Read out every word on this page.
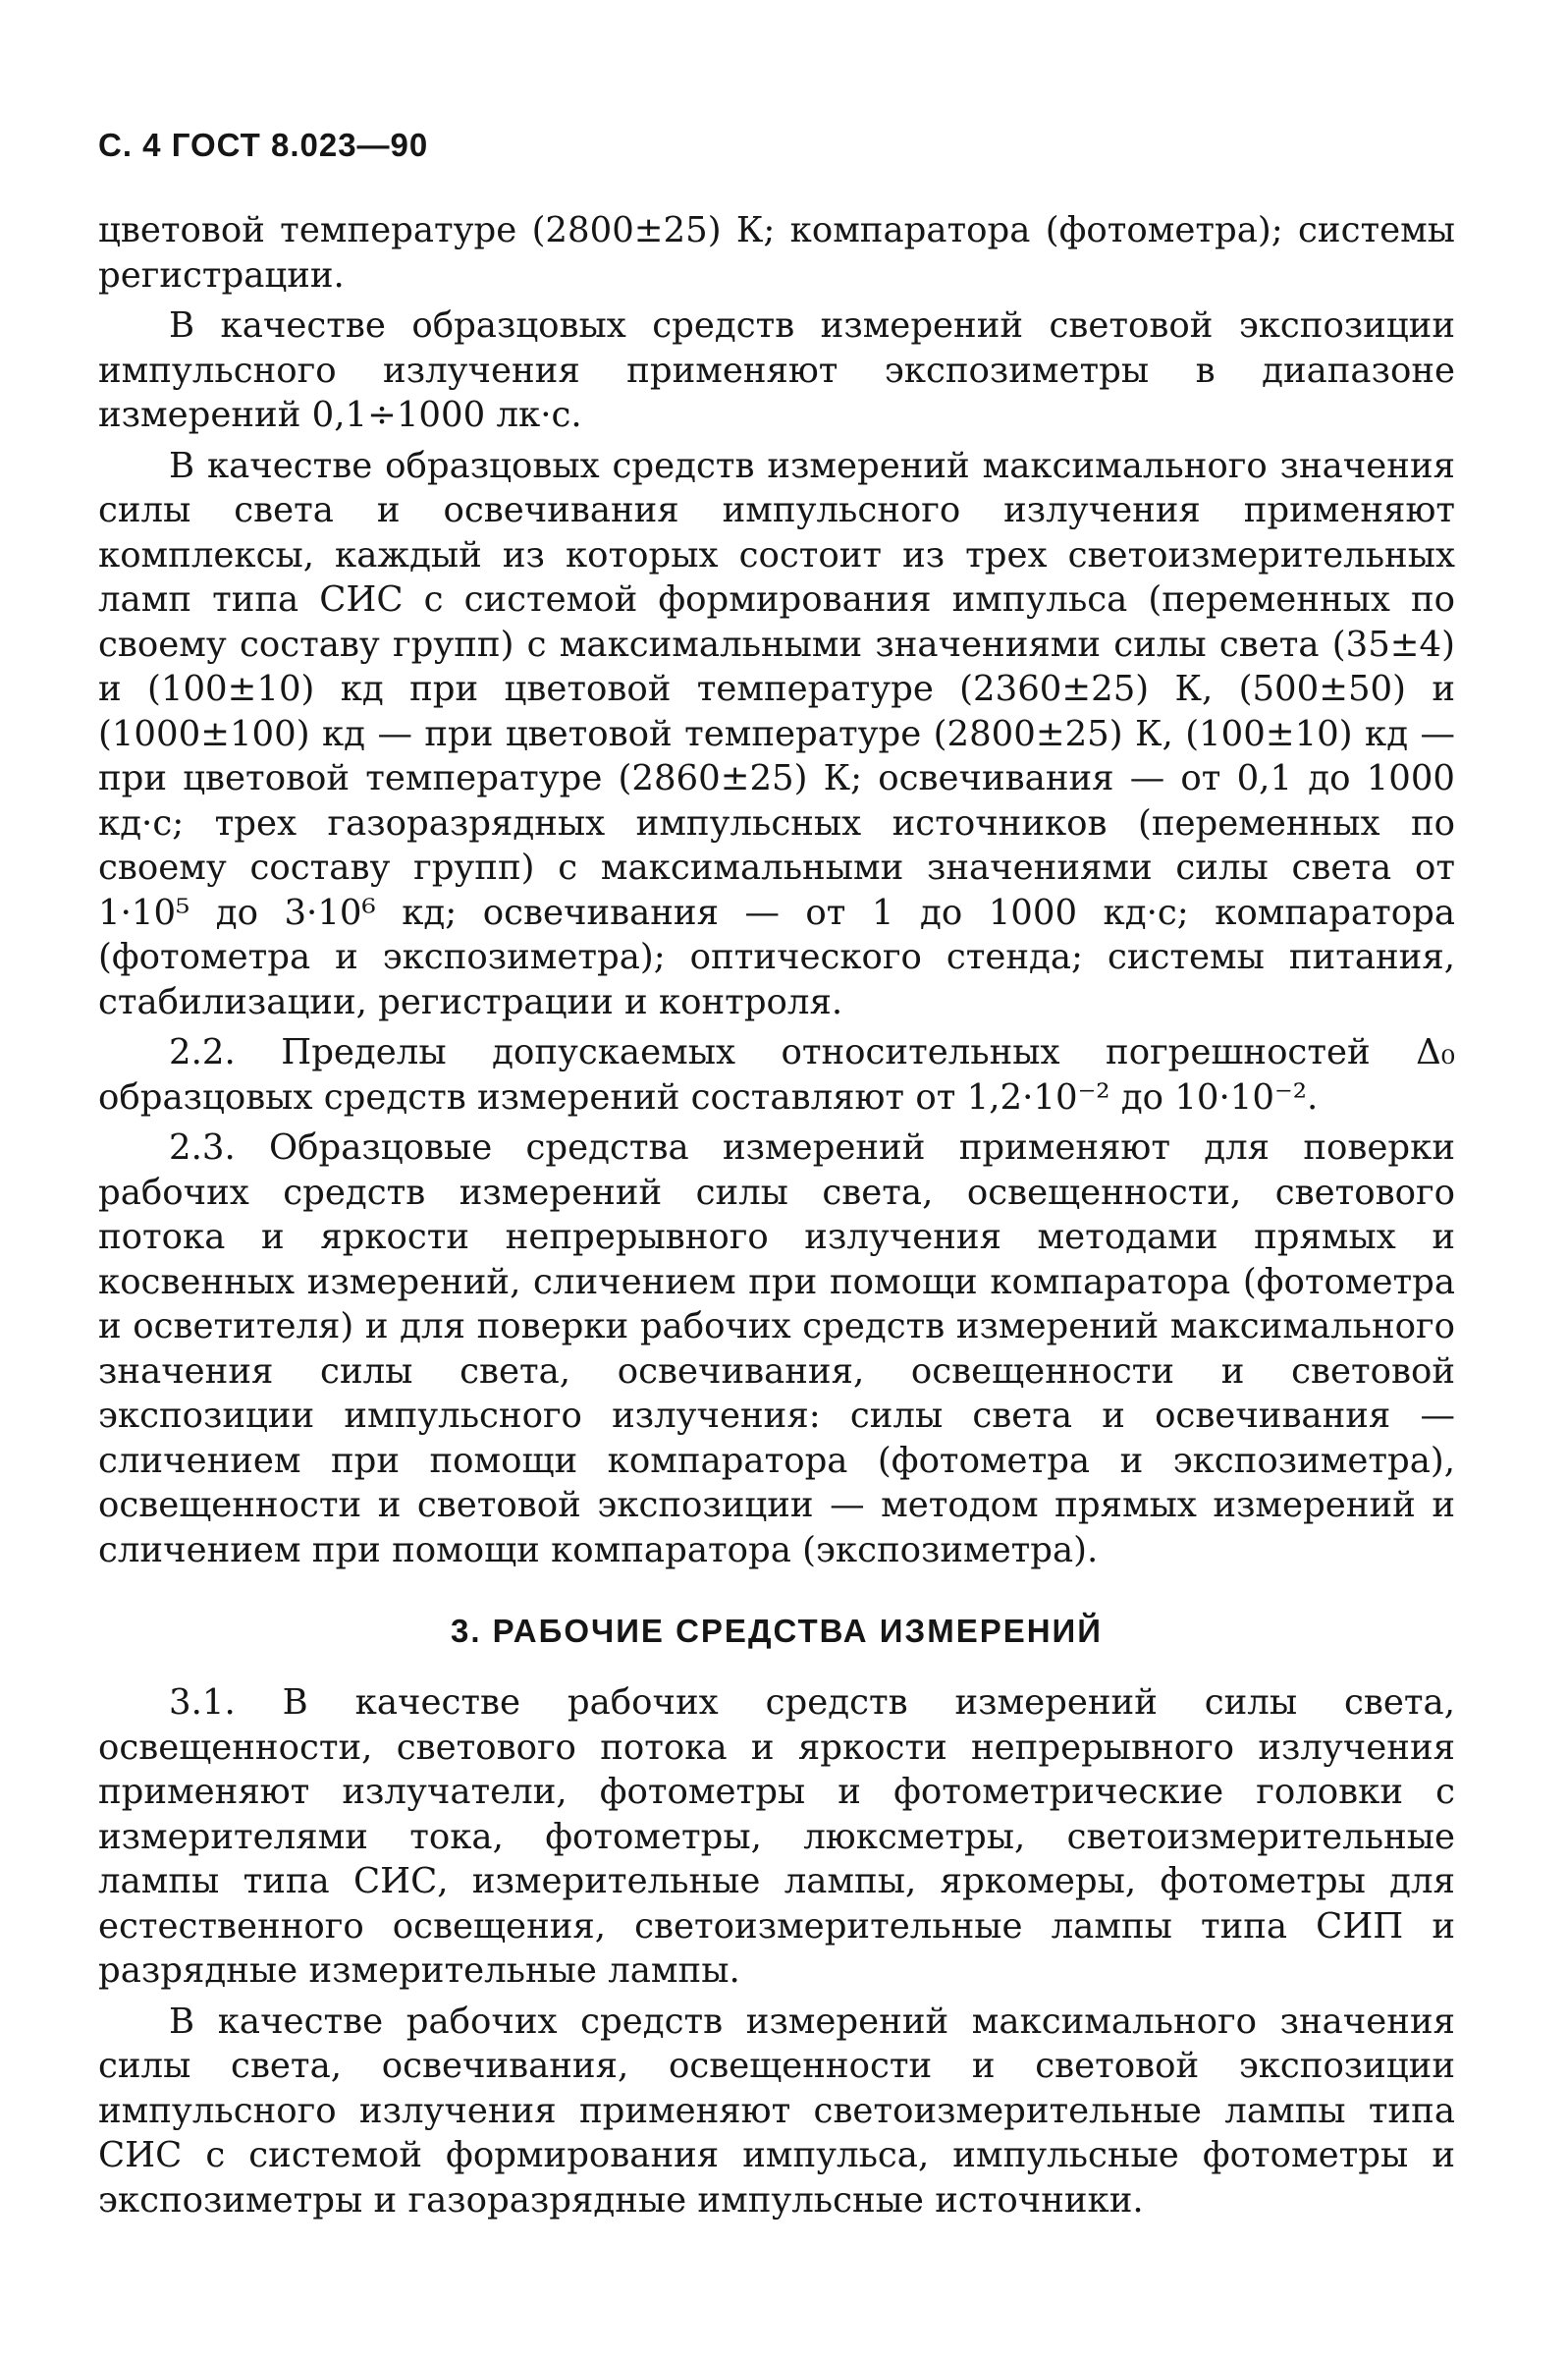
С. 4 ГОСТ 8.023—90

цветовой температуре (2800±25) К; компаратора (фотометра); системы регистрации.

В качестве образцовых средств измерений световой экспозиции импульсного излучения применяют экспозиметры в диапазоне измерений 0,1÷1000 лк·с.

В качестве образцовых средств измерений максимального значения силы света и освечивания импульсного излучения применяют комплексы, каждый из которых состоит из трех светоизмерительных ламп типа СИС с системой формирования импульса (переменных по своему составу групп) с максимальными значениями силы света (35±4) и (100±10) кд при цветовой температуре (2360±25) К, (500±50) и (1000±100) кд — при цветовой температуре (2800±25) К, (100±10) кд — при цветовой температуре (2860±25) К; освечивания — от 0,1 до 1000 кд·с; трех газоразрядных импульсных источников (переменных по своему составу групп) с максимальными значениями силы света от 1·10⁵ до 3·10⁶ кд; освечивания — от 1 до 1000 кд·с; компаратора (фотометра и экспозиметра); оптического стенда; системы питания, стабилизации, регистрации и контроля.

2.2. Пределы допускаемых относительных погрешностей Δ₀ образцовых средств измерений составляют от 1,2·10⁻² до 10·10⁻².

2.3. Образцовые средства измерений применяют для поверки рабочих средств измерений силы света, освещенности, светового потока и яркости непрерывного излучения методами прямых и косвенных измерений, сличением при помощи компаратора (фотометра и осветителя) и для поверки рабочих средств измерений максимального значения силы света, освечивания, освещенности и световой экспозиции импульсного излучения: силы света и освечивания — сличением при помощи компаратора (фотометра и экспозиметра), освещенности и световой экспозиции — методом прямых измерений и сличением при помощи компаратора (экспозиметра).

3. РАБОЧИЕ СРЕДСТВА ИЗМЕРЕНИЙ

3.1. В качестве рабочих средств измерений силы света, освещенности, светового потока и яркости непрерывного излучения применяют излучатели, фотометры и фотометрические головки с измерителями тока, фотометры, люксметры, светоизмерительные лампы типа СИС, измерительные лампы, яркомеры, фотометры для естественного освещения, светоизмерительные лампы типа СИП и разрядные измерительные лампы.

В качестве рабочих средств измерений максимального значения силы света, освечивания, освещенности и световой экспозиции импульсного излучения применяют светоизмерительные лампы типа СИС с системой формирования импульса, импульсные фотометры и экспозиметры и газоразрядные импульсные источники.
